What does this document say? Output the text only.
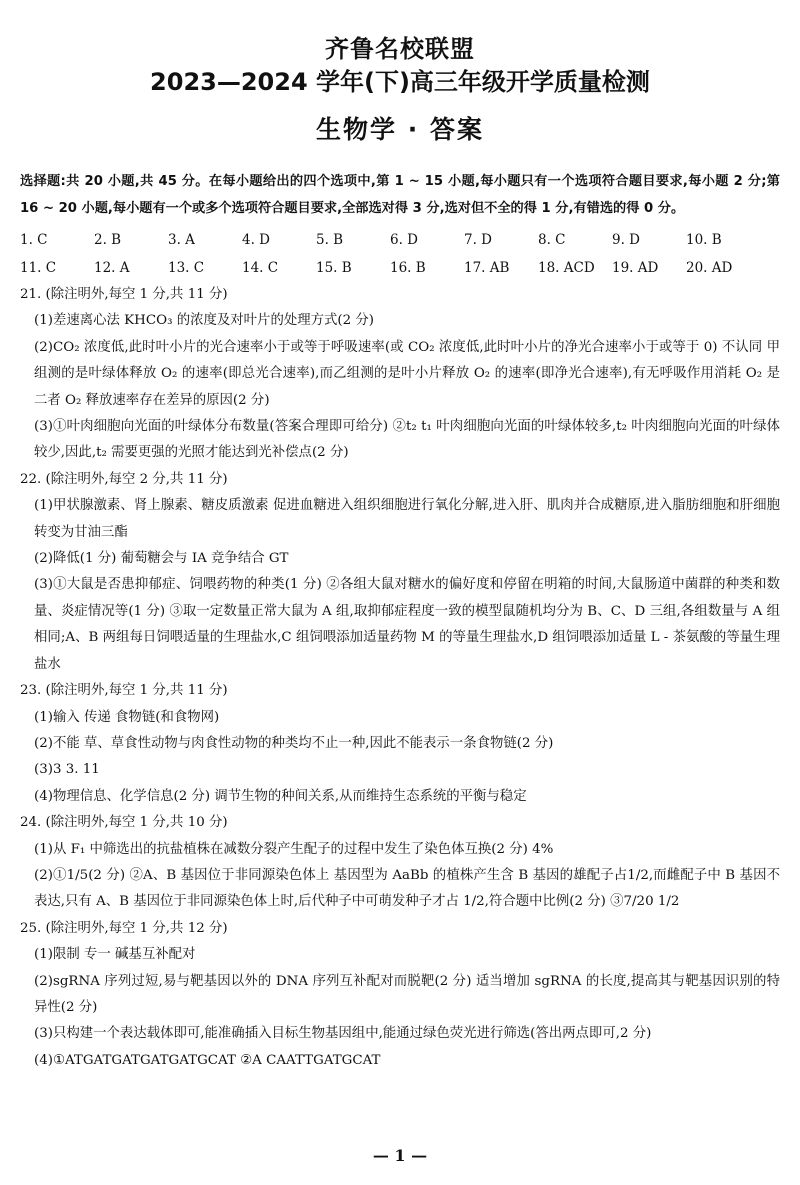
齐鲁名校联盟
2023—2024 学年(下)高三年级开学质量检测
生物学 · 答案
选择题:共 20 小题,共 45 分。在每小题给出的四个选项中,第 1 ~ 15 小题,每小题只有一个选项符合题目要求,每小题 2 分;第 16 ~ 20 小题,每小题有一个或多个选项符合题目要求,全部选对得 3 分,选对但不全的得 1 分,有错选的得 0 分。
1. C	2. B	3. A	4. D	5. B	6. D	7. D	8. C	9. D	10. B
11. C	12. A	13. C	14. C	15. B	16. B	17. AB	18. ACD	19. AD	20. AD
21. (除注明外,每空 1 分,共 11 分)
(1)差速离心法 KHCO₃ 的浓度及对叶片的处理方式(2 分)
(2)CO₂ 浓度低,此时叶小片的光合速率小于或等于呼吸速率(或 CO₂ 浓度低,此时叶小片的净光合速率小于或等于 0) 不认同 甲组测的是叶绿体释放 O₂ 的速率(即总光合速率),而乙组测的是叶小片释放 O₂ 的速率(即净光合速率),有无呼吸作用消耗 O₂ 是二者 O₂ 释放速率存在差异的原因(2 分)
(3)①叶肉细胞向光面的叶绿体分布数量(答案合理即可给分) ②t₂ t₁ 叶肉细胞向光面的叶绿体较多,t₂ 叶肉细胞向光面的叶绿体较少,因此,t₂ 需要更强的光照才能达到光补偿点(2 分)
22. (除注明外,每空 2 分,共 11 分)
(1)甲状腺激素、肾上腺素、糖皮质激素 促进血糖进入组织细胞进行氧化分解,进入肝、肌肉并合成糖原,进入脂肪细胞和肝细胞转变为甘油三酯
(2)降低(1 分) 葡萄糖会与 IA 竞争结合 GT
(3)①大鼠是否患抑郁症、饲喂药物的种类(1 分) ②各组大鼠对糖水的偏好度和停留在明箱的时间,大鼠肠道中菌群的种类和数量、炎症情况等(1 分) ③取一定数量正常大鼠为 A 组,取抑郁症程度一致的模型鼠随机均分为 B、C、D 三组,各组数量与 A 组相同;A、B 两组每日饲喂适量的生理盐水,C 组饲喂添加适量药物 M 的等量生理盐水,D 组饲喂添加适量 L - 茶氨酸的等量生理盐水
23. (除注明外,每空 1 分,共 11 分)
(1)输入 传递 食物链(和食物网)
(2)不能 草、草食性动物与肉食性动物的种类均不止一种,因此不能表示一条食物链(2 分)
(3)3 3. 11
(4)物理信息、化学信息(2 分) 调节生物的种间关系,从而维持生态系统的平衡与稳定
24. (除注明外,每空 1 分,共 10 分)
(1)从 F₁ 中筛选出的抗盐植株在减数分裂产生配子的过程中发生了染色体互换(2 分) 4%
(2)①1/5(2 分) ②A、B 基因位于非同源染色体上 基因型为 AaBb 的植株产生含 B 基因的雄配子占1/2,而雌配子中 B 基因不表达,只有 A、B 基因位于非同源染色体上时,后代种子中可萌发种子才占 1/2,符合题中比例(2 分) ③7/20 1/2
25. (除注明外,每空 1 分,共 12 分)
(1)限制 专一 碱基互补配对
(2)sgRNA 序列过短,易与靶基因以外的 DNA 序列互补配对而脱靶(2 分) 适当增加 sgRNA 的长度,提高其与靶基因识别的特异性(2 分)
(3)只构建一个表达载体即可,能准确插入目标生物基因组中,能通过绿色荧光进行筛选(答出两点即可,2 分)
(4)①ATGATGATGATGATGCAT ②A CAATTGATGCAT
— 1 —
